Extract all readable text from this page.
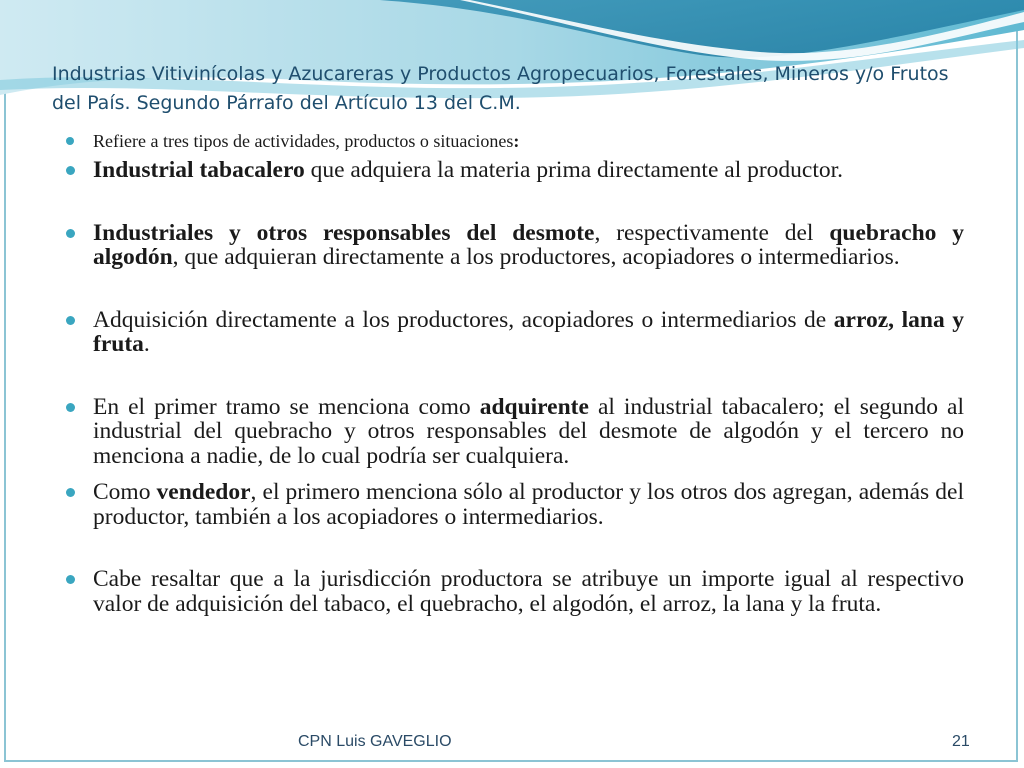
Industrias Vitivinícolas y Azucareras y Productos Agropecuarios, Forestales, Mineros y/o Frutos del País. Segundo Párrafo del Artículo 13 del C.M.
Refiere a tres tipos de actividades, productos o situaciones:
Industrial tabacalero que adquiera la materia prima directamente al productor.
Industriales y otros responsables del desmote, respectivamente del quebracho y algodón, que adquieran directamente a los productores, acopiadores o intermediarios.
Adquisición directamente a los productores, acopiadores o intermediarios de arroz, lana y fruta.
En el primer tramo se menciona como adquirente al industrial tabacalero; el segundo al industrial del quebracho y otros responsables del desmote de algodón y el tercero no menciona a nadie, de lo cual podría ser cualquiera.
Como vendedor, el primero menciona sólo al productor y los otros dos agregan, además del productor, también a los acopiadores o intermediarios.
Cabe resaltar que a la jurisdicción productora se atribuye un importe igual al respectivo valor de adquisición del tabaco, el quebracho, el algodón, el arroz, la lana y la fruta.
CPN Luis GAVEGLIO	21
